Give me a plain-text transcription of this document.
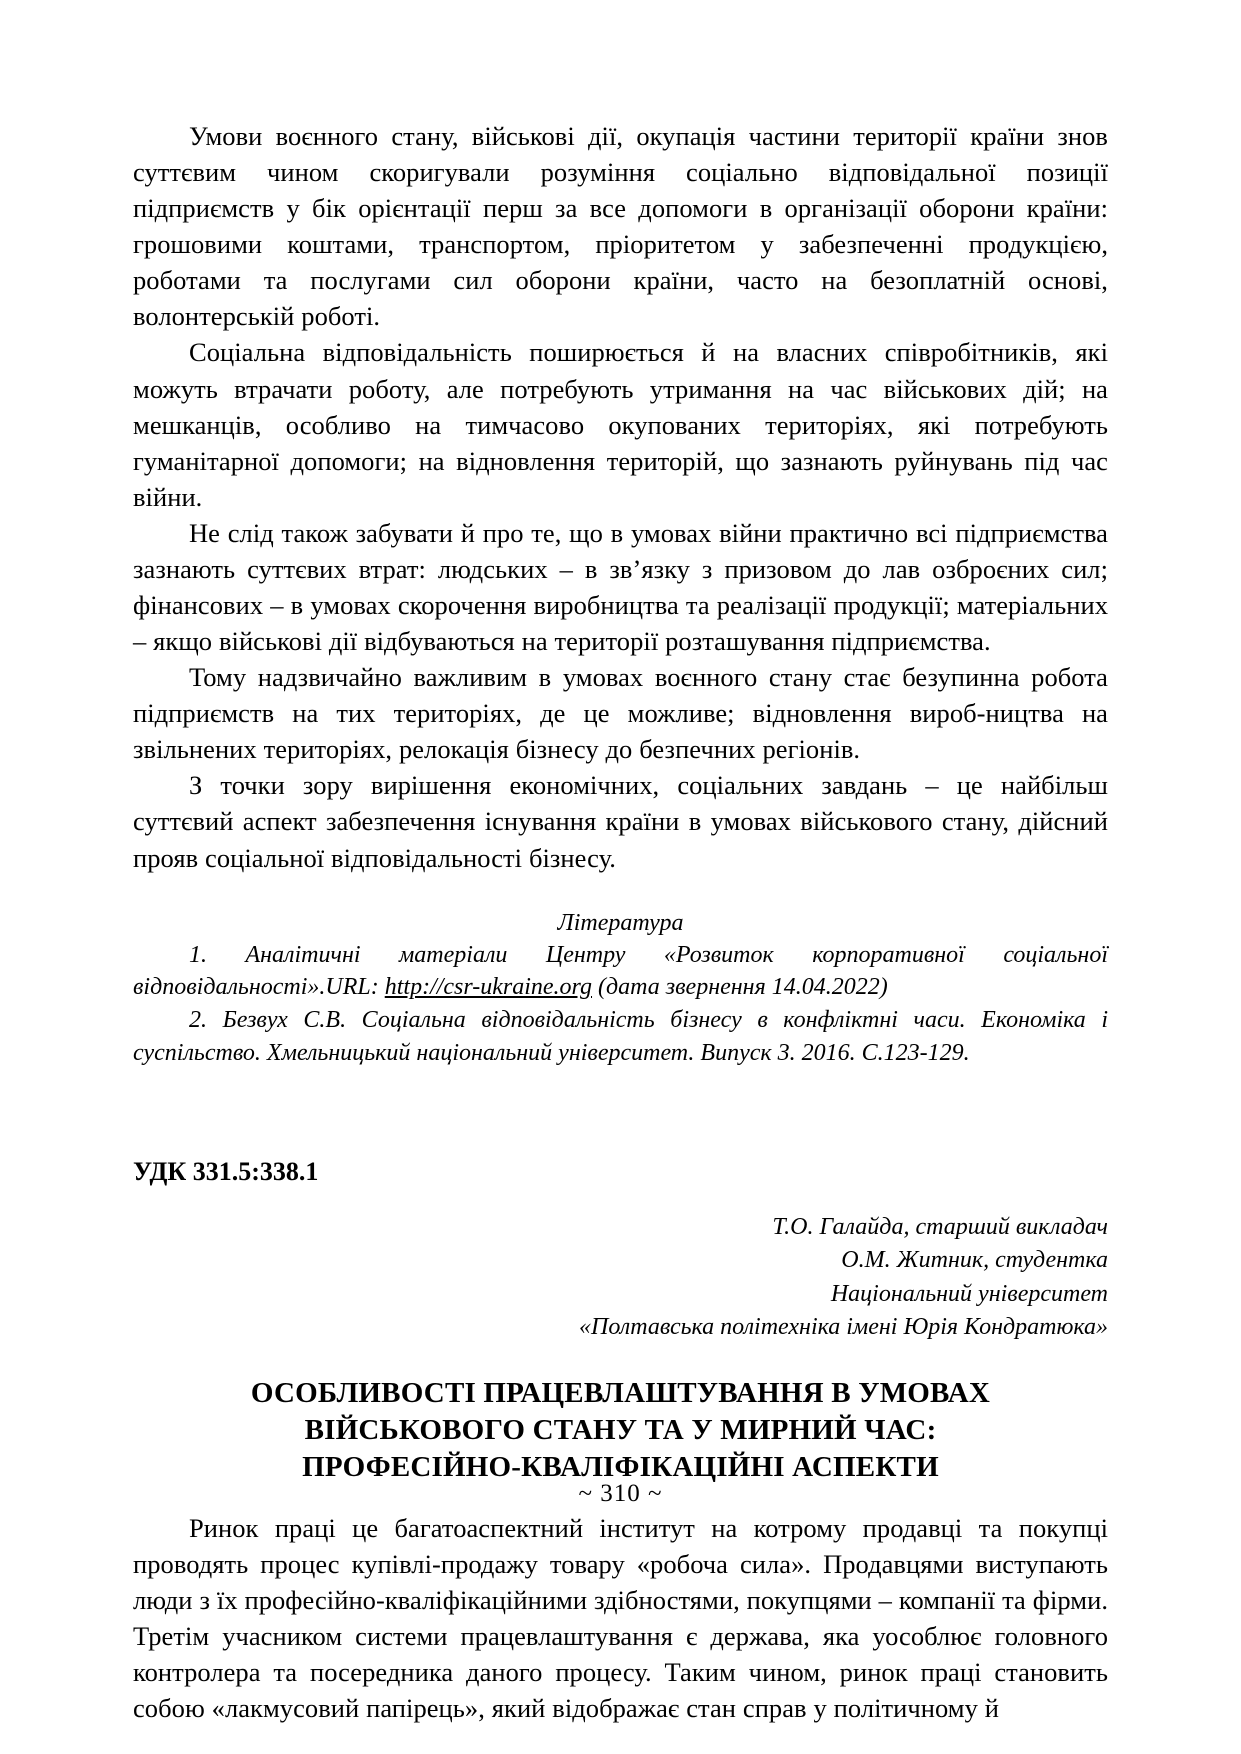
Умови воєнного стану, військові дії, окупація частини території країни знов суттєвим чином скоригували розуміння соціально відповідальної позиції підприємств у бік орієнтації перш за все допомоги в організації оборони країни: грошовими коштами, транспортом, пріоритетом у забезпеченні продукцією, роботами та послугами сил оборони країни, часто на безоплатній основі, волонтерській роботі.

Соціальна відповідальність поширюється й на власних співробітників, які можуть втрачати роботу, але потребують утримання на час військових дій; на мешканців, особливо на тимчасово окупованих територіях, які потребують гуманітарної допомоги; на відновлення територій, що зазнають руйнувань під час війни.

Не слід також забувати й про те, що в умовах війни практично всі підприємства зазнають суттєвих втрат: людських – в зв’язку з призовом до лав озброєних сил; фінансових – в умовах скорочення виробництва та реалізації продукції; матеріальних – якщо військові дії відбуваються на території розташування підприємства.

Тому надзвичайно важливим в умовах воєнного стану стає безупинна робота підприємств на тих територіях, де це можливе; відновлення вироб-ництва на звільнених територіях, релокація бізнесу до безпечних регіонів.

З точки зору вирішення економічних, соціальних завдань – це найбільш суттєвий аспект забезпечення існування країни в умовах військового стану, дійсний прояв соціальної відповідальності бізнесу.

Література

1. Аналітичні матеріали Центру «Розвиток корпоративної соціальної відповідальності».URL: http://csr-ukraine.org (дата звернення 14.04.2022)

2. Безвух С.В. Соціальна відповідальність бізнесу в конфліктні часи. Економіка і суспільство. Хмельницький національний університет. Випуск 3. 2016. С.123-129.

УДК 331.5:338.1
Т.О. Галайда, старший викладач
О.М. Житник, студентка
Національний університет
«Полтавська політехніка імені Юрія Кондратюка»
ОСОБЛИВОСТІ ПРАЦЕВЛАШТУВАННЯ В УМОВАХ
ВІЙСЬКОВОГО СТАНУ ТА У МИРНИЙ ЧАС:
ПРОФЕСІЙНО-КВАЛІФІКАЦІЙНІ АСПЕКТИ

Ринок праці це багатоаспектний інститут на котрому продавці та покупці проводять процес купівлі-продажу товару «робоча сила». Продавцями виступають люди з їх професійно-кваліфікаційними здібностями, покупцями – компанії та фірми. Третім учасником системи працевлаштування є держава, яка уособлює головного контролера та посередника даного процесу. Таким чином, ринок праці становить собою «лакмусовий папірець», який відображає стан справ у політичному й

~ 310 ~
